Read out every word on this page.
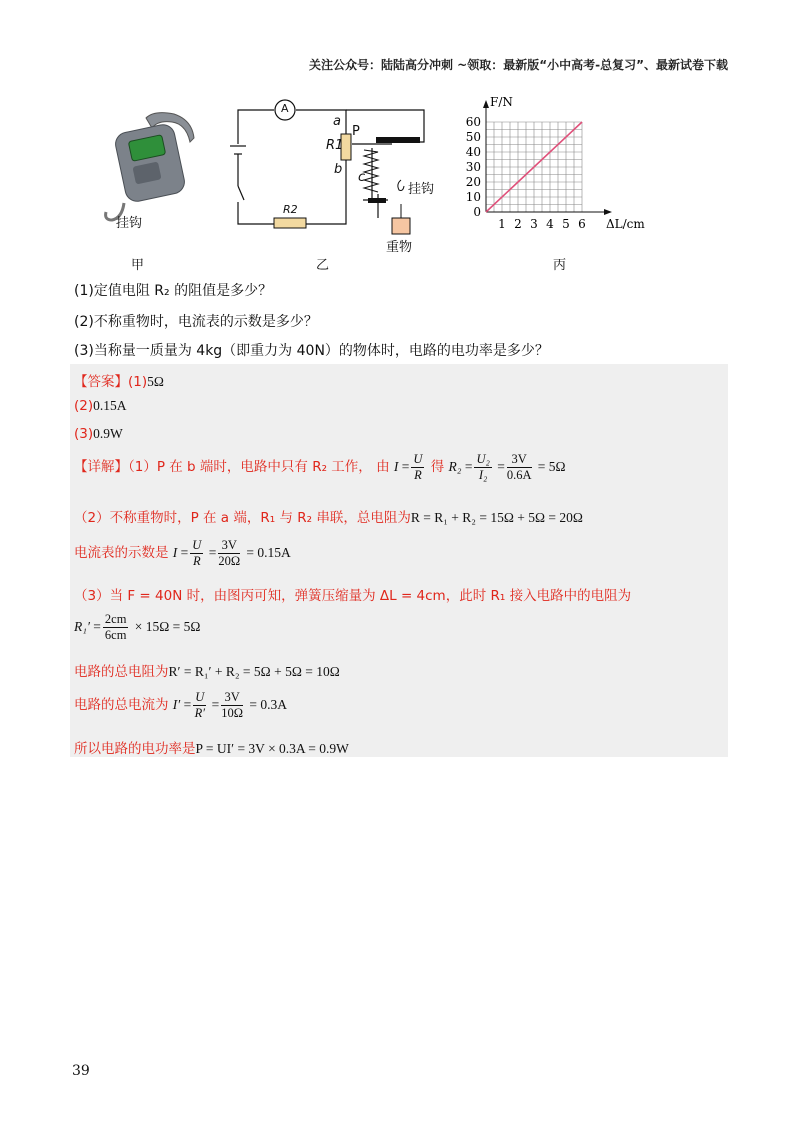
关注公众号：陆陆高分冲刺 ~领取：最新版“小中高考-总复习”、最新试卷下载
挂钩
甲
A
a
P
R1
b
c
挂钩
R2
重物
乙
1 2 3 4 5 6
10
20
30
40
50
60
0
ΔL/cm
F/N
丙
(1)定值电阻 R₂ 的阻值是多少？
(2)不称重物时，电流表的示数是多少？
(3)当称量一质量为 4kg（即重力为 40N）的物体时，电路的电功率是多少？
【答案】(1)5Ω
(2)0.15A
(3)0.9W
【详解】（1）P 在 b 端时，电路中只有 R₂ 工作， 由 $I = \frac{U}{R}$ 得 $R_2 = \frac{\text{U₂}}{\text{I₂}} = \frac{3V}{0.6A} = 5\Omega$
（2）不称重物时，P 在 a 端，R₁ 与 R₂ 串联，总电阻为R = R₁ + R₂ = 15Ω + 5Ω = 20Ω
电流表的示数是 $I = \frac{U}{R} = \frac{3V}{20\Omega} = 0.15A$
（3）当 F = 40N 时，由图丙可知，弹簧压缩量为 ΔL = 4cm，此时 R₁ 接入电路中的电阻为
$R_1' = \frac{2cm}{6cm} \times 15\Omega = 5\Omega$
电路的总电阻为R′ = R₁′ + R₂ = 5Ω + 5Ω = 10Ω
电路的总电流为 $I' = \frac{U}{R'} = \frac{3V}{10\Omega} = 0.3A$
所以电路的电功率是P = UI′ = 3V × 0.3A = 0.9W
39
